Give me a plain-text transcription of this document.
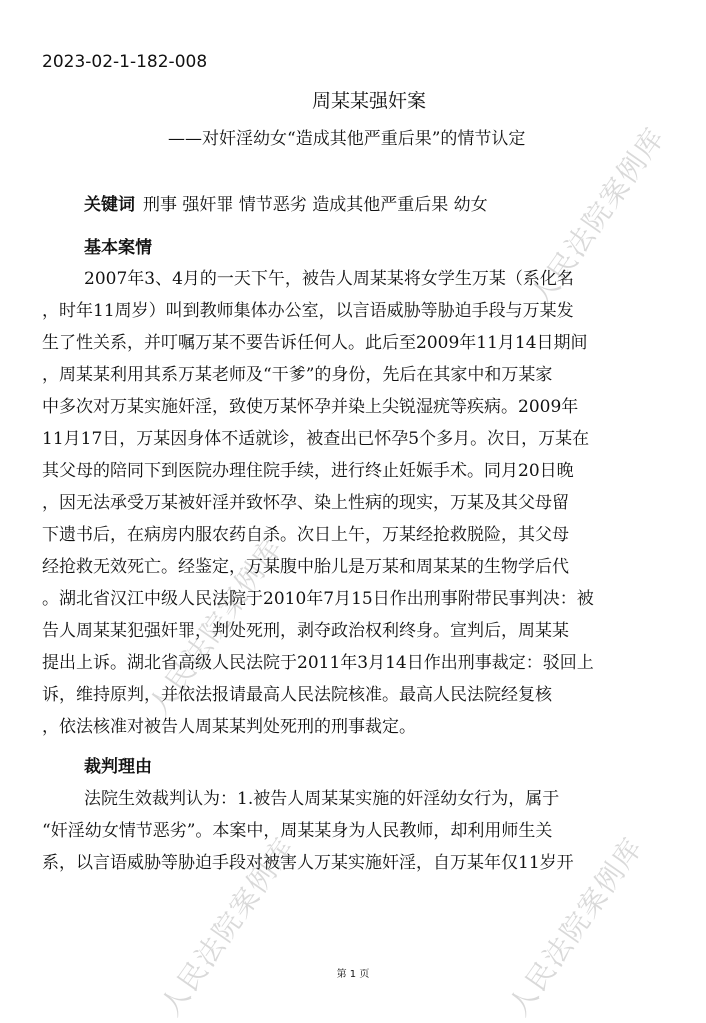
人民法院案例库
人民法院案例库
人民法院案例库
人民法院案例库
2023-02-1-182-008
周某某强奸案
——对奸淫幼女“造成其他严重后果”的情节认定
关键词 刑事 强奸罪 情节恶劣 造成其他严重后果 幼女
基本案情
2007年3、4月的一天下午，被告人周某某将女学生万某（系化名
，时年11周岁）叫到教师集体办公室，以言语威胁等胁迫手段与万某发
生了性关系，并叮嘱万某不要告诉任何人。此后至2009年11月14日期间
，周某某利用其系万某老师及“干爹”的身份，先后在其家中和万某家
中多次对万某实施奸淫，致使万某怀孕并染上尖锐湿疣等疾病。2009年
11月17日，万某因身体不适就诊，被查出已怀孕5个多月。次日，万某在
其父母的陪同下到医院办理住院手续，进行终止妊娠手术。同月20日晚
，因无法承受万某被奸淫并致怀孕、染上性病的现实，万某及其父母留
下遗书后，在病房内服农药自杀。次日上午，万某经抢救脱险，其父母
经抢救无效死亡。经鉴定，万某腹中胎儿是万某和周某某的生物学后代
。湖北省汉江中级人民法院于2010年7月15日作出刑事附带民事判决：被
告人周某某犯强奸罪，判处死刑，剥夺政治权利终身。宣判后，周某某
提出上诉。湖北省高级人民法院于2011年3月14日作出刑事裁定：驳回上
诉，维持原判，并依法报请最高人民法院核准。最高人民法院经复核
，依法核准对被告人周某某判处死刑的刑事裁定。
裁判理由
法院生效裁判认为：1.被告人周某某实施的奸淫幼女行为，属于
“奸淫幼女情节恶劣”。本案中，周某某身为人民教师，却利用师生关
系，以言语威胁等胁迫手段对被害人万某实施奸淫，自万某年仅11岁开
第 1 页
